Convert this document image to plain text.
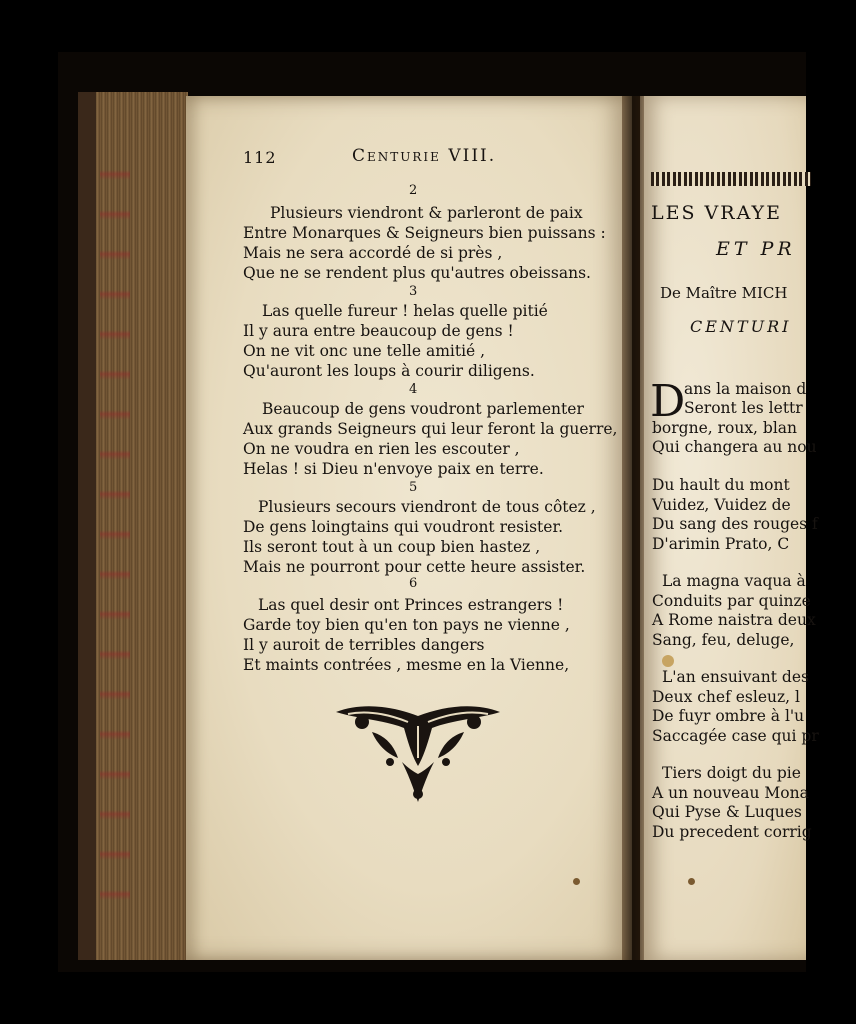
112	Centurie VIII.
2
Plusieurs viendront & parleront de paix
Entre Monarques & Seigneurs bien puissans :
Mais ne sera accordé de si près ,
Que ne se rendent plus qu'autres obeissans.
3
Las quelle fureur ! helas quelle pitié
Il y aura entre beaucoup de gens !
On ne vit onc une telle amitié ,
Qu'auront les loups à courir diligens.
4
Beaucoup de gens voudront parlementer
Aux grands Seigneurs qui leur feront la guerre,
On ne voudra en rien les escouter ,
Helas ! si Dieu n'envoye paix en terre.
5
Plusieurs secours viendront de tous côtez ,
De gens loingtains qui voudront resister.
Ils seront tout à un coup bien hastez ,
Mais ne pourront pour cette heure assister.
6
Las quel desir ont Princes estrangers !
Garde toy bien qu'en ton pays ne vienne ,
Il y auroit de terribles dangers
Et maints contrées , mesme en la Vienne,
LES VRAYE
ET PR
De Maître MICH
CENTURI
D
ans la maison d
Seront les lettr
borgne, roux, blan
Qui changera au nou
Du hault du mont
Vuidez, Vuidez de
Du sang des rouges f
D'arimin Prato, C
La magna vaqua à
Conduits par quinze
A Rome naistra deux
Sang, feu, deluge,
L'an ensuivant des
Deux chef esleuz, l
De fuyr ombre à l'u
Saccagée case qui pr
Tiers doigt du pie
A un nouveau Mona
Qui Pyse & Luques
Du precedent corrig
